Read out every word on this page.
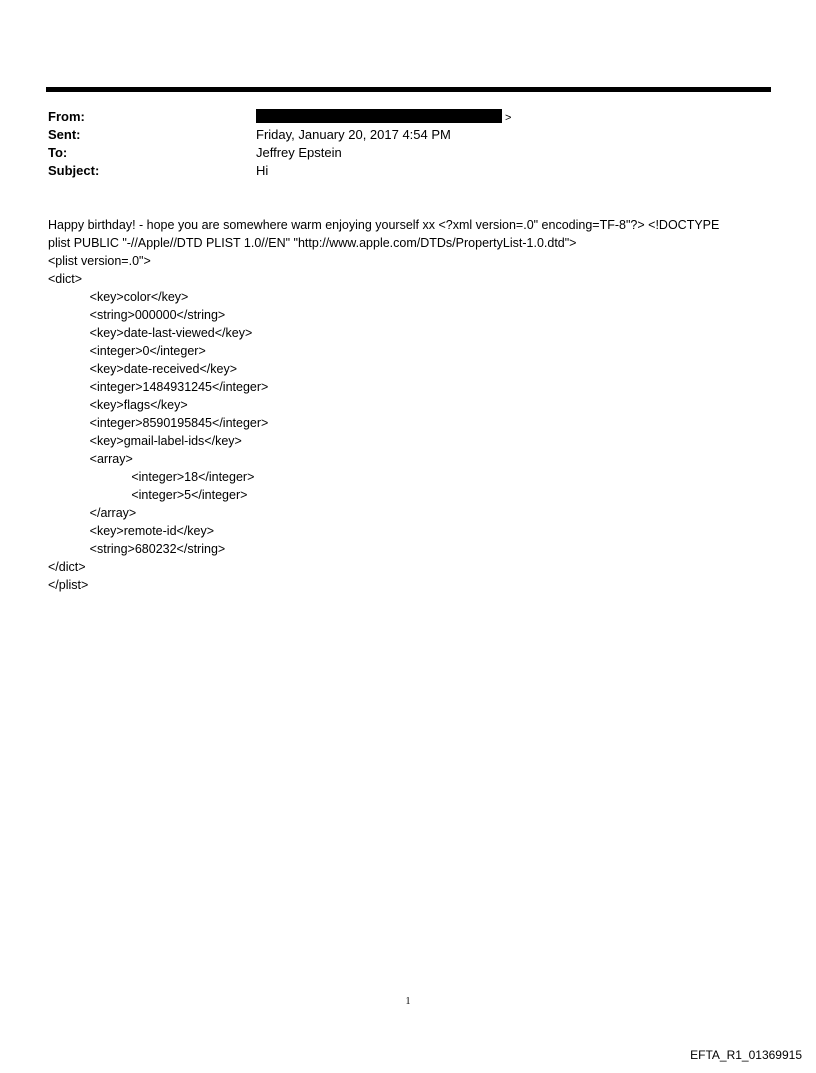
From:	>
Sent:	Friday, January 20, 2017 4:54 PM
To:	Jeffrey Epstein
Subject:	Hi
Happy birthday! - hope you are somewhere warm enjoying yourself xx <?xml version=.0" encoding=TF-8"?> <!DOCTYPE
plist PUBLIC "-//Apple//DTD PLIST 1.0//EN" "http://www.apple.com/DTDs/PropertyList-1.0.dtd">
<plist version=.0">
<dict>
<key>color</key>
<string>000000</string>
<key>date-last-viewed</key>
<integer>0</integer>
<key>date-received</key>
<integer>1484931245</integer>
<key>flags</key>
<integer>8590195845</integer>
<key>gmail-label-ids</key>
<array>
<integer>18</integer>
<integer>5</integer>
</array>
<key>remote-id</key>
<string>680232</string>
</dict>
</plist>
1
EFTA_R1_01369915
